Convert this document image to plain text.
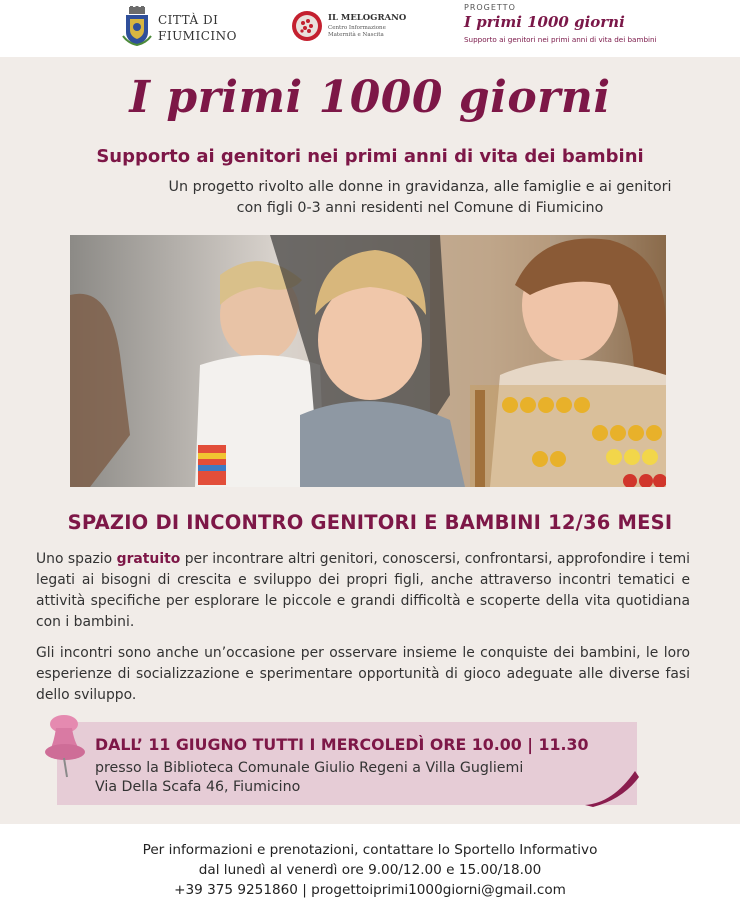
CITTÀ DI
FIUMICINO
IL MELOGRANO
Centro Informazione
Maternità e Nascita
PROGETTO
I primi 1000 giorni
Supporto ai genitori nei primi anni di vita dei bambini
I primi 1000 giorni
Supporto ai genitori nei primi anni di vita dei bambini
Un progetto rivolto alle donne in gravidanza, alle famiglie e ai genitori con figli 0-3 anni residenti nel Comune di Fiumicino
SPAZIO DI INCONTRO GENITORI E BAMBINI 12/36 MESI

Uno spazio gratuito per incontrare altri genitori, conoscersi, confrontarsi, approfondire i temi legati ai bisogni di crescita e sviluppo dei propri figli, anche attraverso incontri tematici e attività specifiche per esplorare le piccole e grandi difficoltà e scoperte della vita quotidiana con i bambini.

Gli incontri sono anche un’occasione per osservare insieme le conquiste dei bambini, le loro esperienze di socializzazione e sperimentare opportunità di gioco adeguate alle diverse fasi dello sviluppo.

DALL’ 11 GIUGNO TUTTI I MERCOLEDÌ ORE 10.00 | 11.30
presso la Biblioteca Comunale Giulio Regeni a Villa Gugliemi
Via Della Scafa 46, Fiumicino
Per informazioni e prenotazioni, contattare lo Sportello Informativo
dal lunedì al venerdì ore 9.00/12.00 e 15.00/18.00
+39 375 9251860 | progettoiprimi1000giorni@gmail.com
